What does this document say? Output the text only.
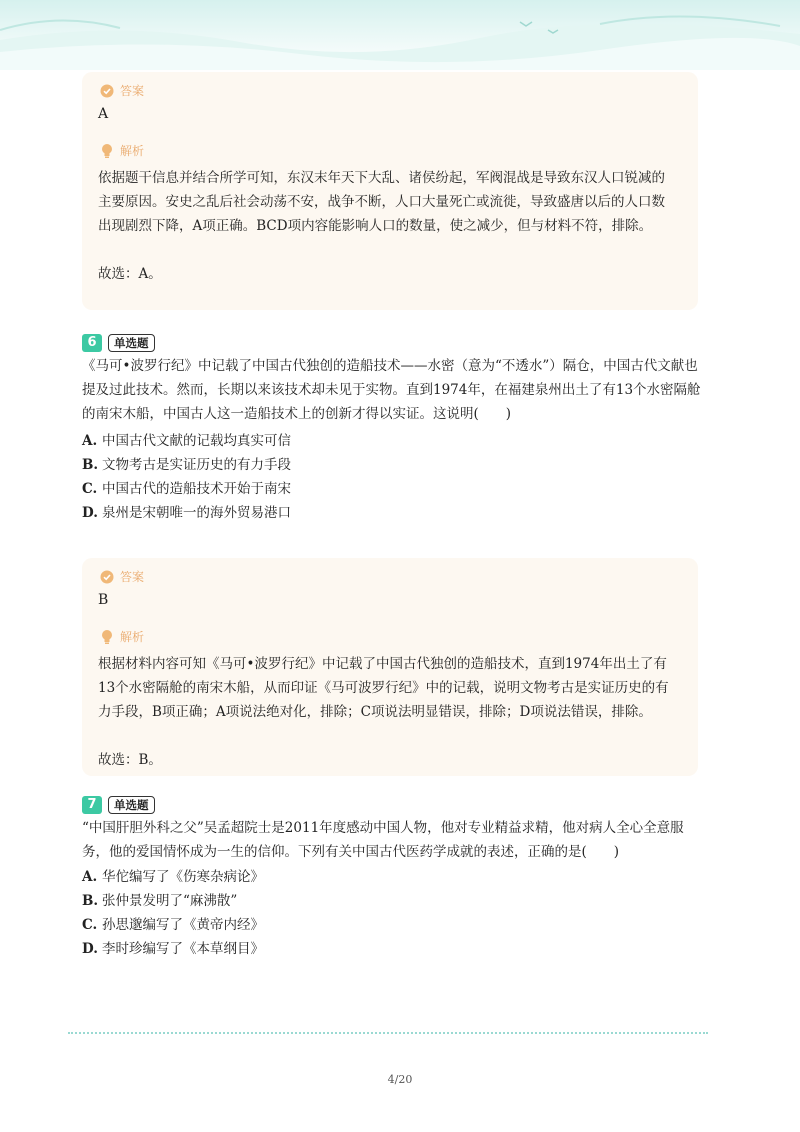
答案
A
解析

依据题干信息并结合所学可知，东汉末年天下大乱、诸侯纷起，军阀混战是导致东汉人口锐减的主要原因。安史之乱后社会动荡不安，战争不断，人口大量死亡或流徙，导致盛唐以后的人口数出现剧烈下降，A项正确。BCD项内容能影响人口的数量，使之减少，但与材料不符，排除。

故选：A。

6	单选题

《马可•波罗行纪》中记载了中国古代独创的造船技术——水密（意为“不透水”）隔仓，中国古代文献也提及过此技术。然而，长期以来该技术却未见于实物。直到1974年，在福建泉州出土了有13个水密隔舱的南宋木船，中国古人这一造船技术上的创新才得以实证。这说明(　　)

A. 中国古代文献的记载均真实可信
B. 文物考古是实证历史的有力手段
C. 中国古代的造船技术开始于南宋
D. 泉州是宋朝唯一的海外贸易港口
答案
B
解析

根据材料内容可知《马可•波罗行纪》中记载了中国古代独创的造船技术，直到1974年出土了有13个水密隔舱的南宋木船，从而印证《马可波罗行纪》中的记载，说明文物考古是实证历史的有力手段，B项正确；A项说法绝对化，排除；C项说法明显错误，排除；D项说法错误，排除。

故选：B。

7	单选题

“中国肝胆外科之父”吴孟超院士是2011年度感动中国人物，他对专业精益求精，他对病人全心全意服务，他的爱国情怀成为一生的信仰。下列有关中国古代医药学成就的表述，正确的是(　　)

A. 华佗编写了《伤寒杂病论》
B. 张仲景发明了“麻沸散”
C. 孙思邈编写了《黄帝内经》
D. 李时珍编写了《本草纲目》
4/20
